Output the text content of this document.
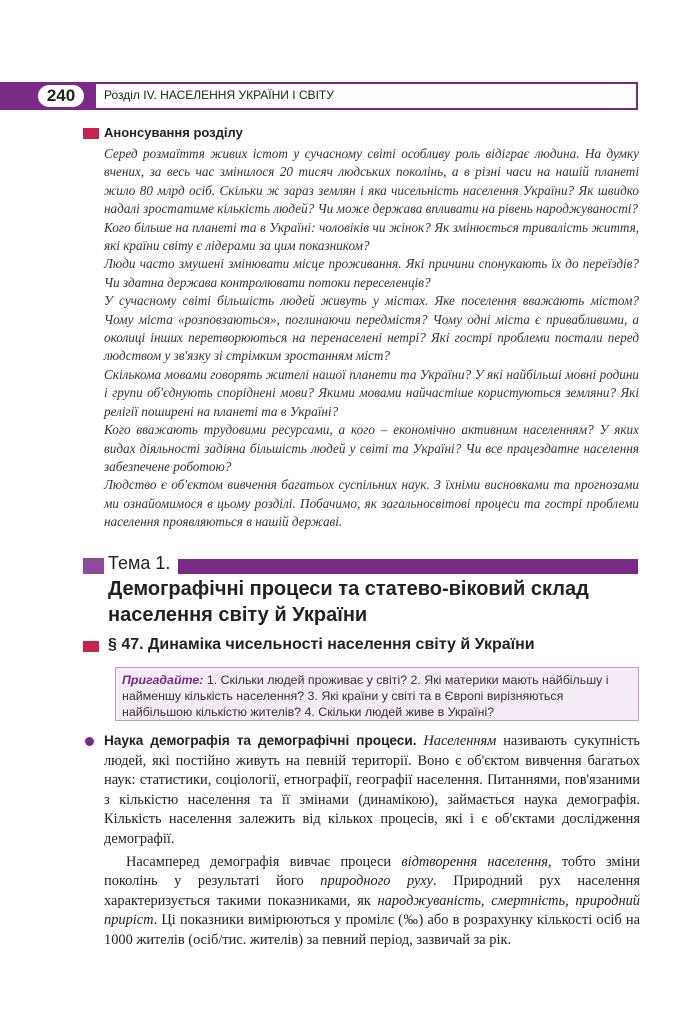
240	Розділ IV. НАСЕЛЕННЯ УКРАЇНИ І СВІТУ
Анонсування розділу

Серед розмаїття живих істот у сучасному світі особливу роль відіграє людина. На думку вчених, за весь час змінилося 20 тисяч людських поколінь, а в різні часи на нашій планеті жило 80 млрд осіб. Скільки ж зараз землян і яка чисельність населення України? Як швидко надалі зростатиме кількість людей? Чи може держава впливати на рівень народжуваності?

Кого більше на планеті та в Україні: чоловіків чи жінок? Як змінюється тривалість життя, які країни світу є лідерами за цим показником?

Люди часто змушені змінювати місце проживання. Які причини спонукають їх до переїздів? Чи здатна держава контролювати потоки переселенців?

У сучасному світі більшість людей живуть у містах. Яке поселення вважають містом? Чому міста «розповзаються», поглинаючи передмістя? Чому одні міста є привабливими, а околиці інших перетворюються на перенаселені нетрі? Які гострі проблеми постали перед людством у зв'язку зі стрімким зростанням міст?

Скількома мовами говорять жителі нашої планети та України? У які найбільші мовні родини і групи об'єднують споріднені мови? Якими мовами найчастіше користуються земляни? Які релігії поширені на планеті та в Україні?

Кого вважають трудовими ресурсами, а кого – економічно активним населенням? У яких видах діяльності задіяна більшість людей у світі та Україні? Чи все працездатне населення забезпечене роботою?

Людство є об'єктом вивчення багатьох суспільних наук. З їхніми висновками та прогнозами ми ознайомимося в цьому розділі. Побачимо, як загальносвітові процеси та гострі проблеми населення проявляються в нашій державі.

Тема 1.
Демографічні процеси та статево-віковий склад населення світу й України
§ 47. Динаміка чисельності населення світу й України
Пригадайте: 1. Скільки людей проживає у світі? 2. Які материки мають найбільшу і найменшу кількість населення? 3. Які країни у світі та в Європі вирізняються найбільшою кількістю жителів? 4. Скільки людей живе в Україні?

Наука демографія та демографічні процеси. Населенням називають сукупність людей, які постійно живуть на певній території. Воно є об'єктом вивчення багатьох наук: статистики, соціології, етнографії, географії населення. Питаннями, пов'язаними з кількістю населення та її змінами (динамікою), займається наука демографія. Кількість населення залежить від кількох процесів, які і є об'єктами дослідження демографії.

Насамперед демографія вивчає процеси відтворення населення, тобто зміни поколінь у результаті його природного руху. Природний рух населення характеризується такими показниками, як народжуваність, смертність, природний приріст. Ці показники вимірюються у промілє (‰) або в розрахунку кількості осіб на 1000 жителів (осіб/тис. жителів) за певний період, зазвичай за рік.
